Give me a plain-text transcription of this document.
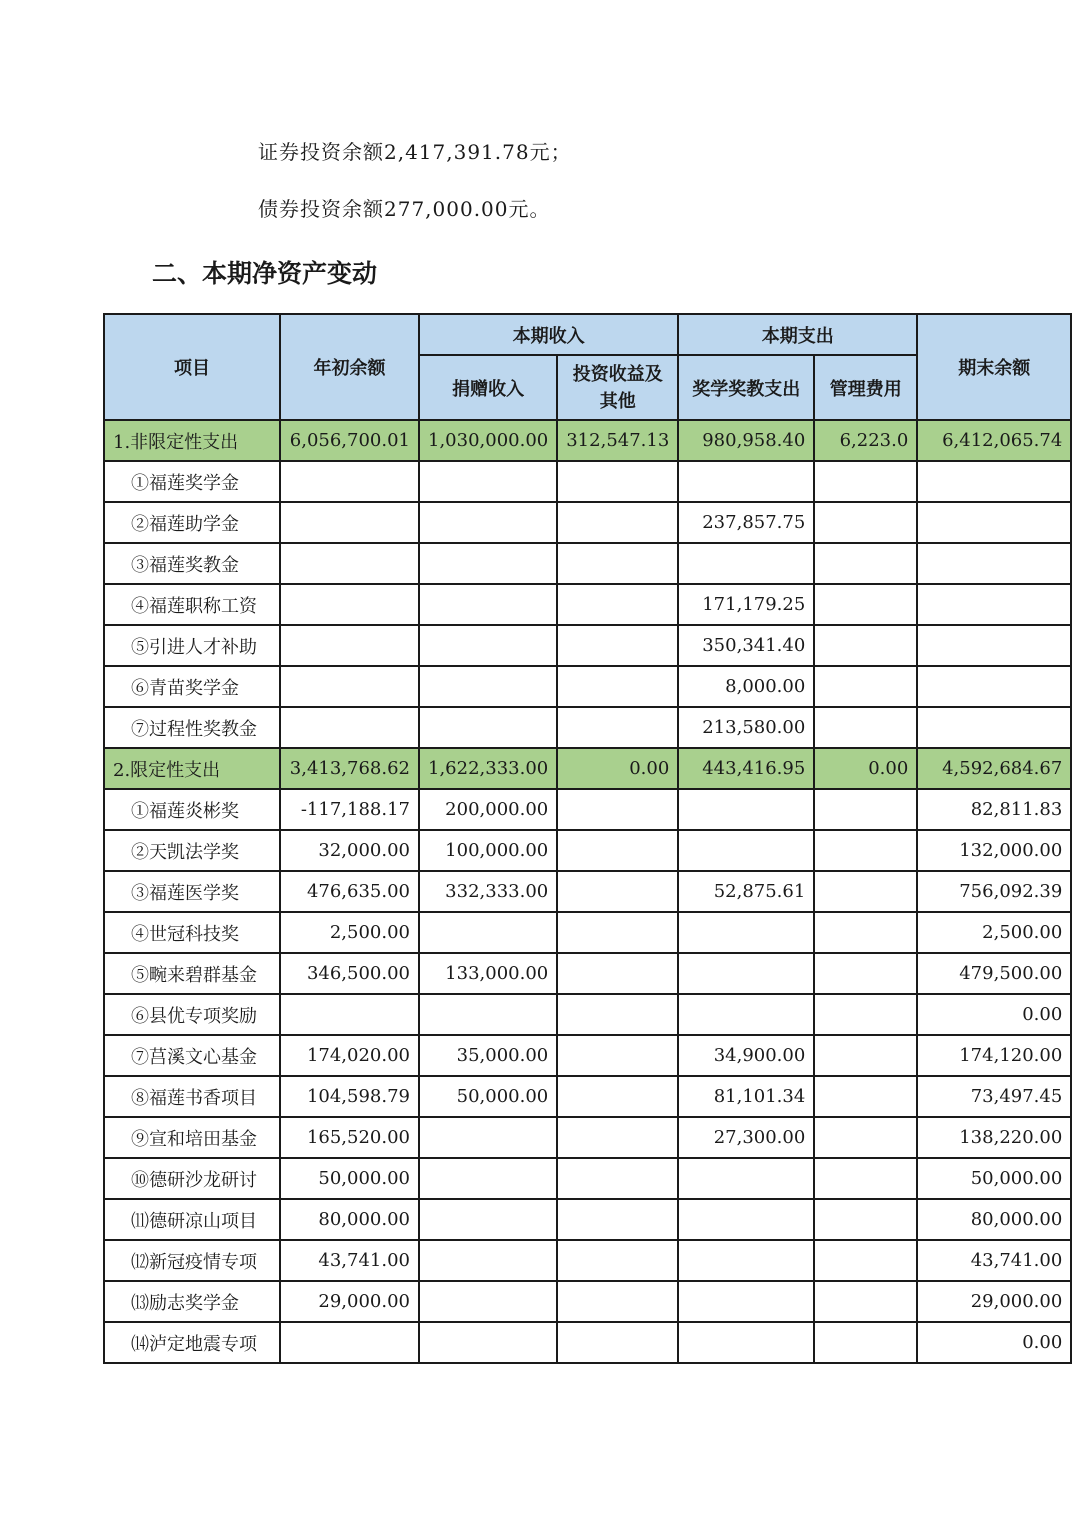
证券投资余额2,417,391.78元；
债券投资余额277,000.00元。
二、本期净资产变动
项目	年初余额	本期收入		本期支出		期末余额
		捐赠收入	投资收益及其他	奖学奖教支出	管理费用	
1.非限定性支出	6,056,700.01	1,030,000.00	312,547.13	980,958.40	6,223.0	6,412,065.74
①福莲奖学金						
②福莲助学金				237,857.75		
③福莲奖教金						
④福莲职称工资				171,179.25		
⑤引进人才补助				350,341.40		
⑥青苗奖学金				8,000.00		
⑦过程性奖教金				213,580.00		
2.限定性支出	3,413,768.62	1,622,333.00	0.00	443,416.95	0.00	4,592,684.67
①福莲炎彬奖	-117,188.17	200,000.00				82,811.83
②天凯法学奖	32,000.00	100,000.00				132,000.00
③福莲医学奖	476,635.00	332,333.00		52,875.61		756,092.39
④世冠科技奖	2,500.00					2,500.00
⑤畹来碧群基金	346,500.00	133,000.00				479,500.00
⑥县优专项奖励						0.00
⑦莒溪文心基金	174,020.00	35,000.00		34,900.00		174,120.00
⑧福莲书香项目	104,598.79	50,000.00		81,101.34		73,497.45
⑨宣和培田基金	165,520.00			27,300.00		138,220.00
⑩德研沙龙研讨	50,000.00					50,000.00
⑾德研凉山项目	80,000.00					80,000.00
⑿新冠疫情专项	43,741.00					43,741.00
⒀励志奖学金	29,000.00					29,000.00
⒁泸定地震专项						0.00
